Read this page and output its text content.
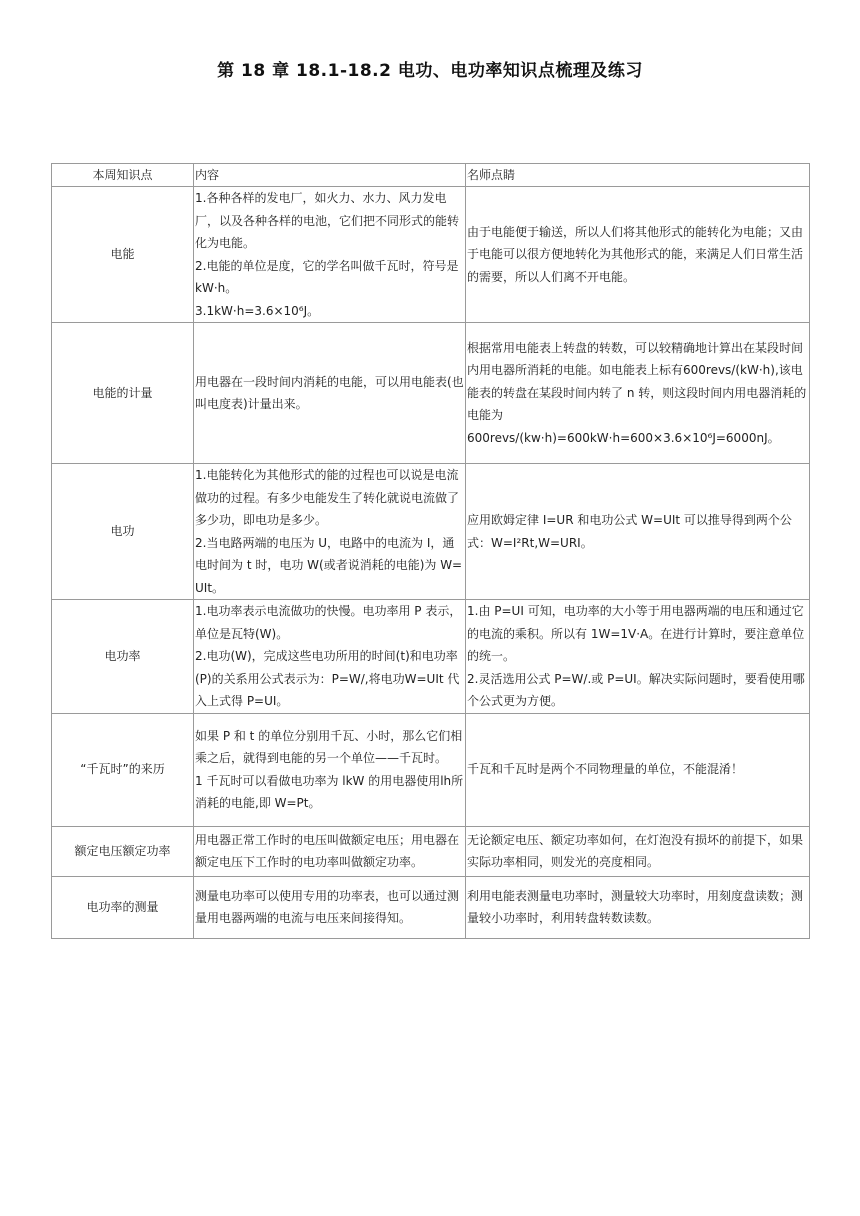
第 18 章 18.1-18.2 电功、电功率知识点梳理及练习
本周知识点	内容	名师点睛
电能	1.各种各样的发电厂，如火力、水力、风力发电厂，以及各种各样的电池，它们把不同形式的能转化为电能。
2.电能的单位是度，它的学名叫做千瓦时，符号是 kW·h。
3.1kW·h=3.6×10⁶J。	由于电能便于输送，所以人们将其他形式的能转化为电能；又由于电能可以很方便地转化为其他形式的能，来满足人们日常生活的需要，所以人们离不开电能。

电能的计量	用电器在一段时间内消耗的电能，可以用电能表(也叫电度表)计量出来。	根据常用电能表上转盘的转数，可以较精确地计算出在某段时间内用电器所消耗的电能。如电能表上标有600revs/(kW·h),该电能表的转盘在某段时间内转了 n 转，则这段时间内用电器消耗的电能为
600revs/(kw·h)=600kW·h=600×3.6×10⁶J=6000nJ。

电功	1.电能转化为其他形式的能的过程也可以说是电流做功的过程。有多少电能发生了转化就说电流做了多少功，即电功是多少。
2.当电路两端的电压为 U，电路中的电流为 I，通电时间为 t 时，电功 W(或者说消耗的电能)为 W=UIt。	应用欧姆定律 I=UR 和电功公式 W=UIt 可以推导得到两个公式：W=I²Rt,W=URI。

电功率	1.电功率表示电流做功的快慢。电功率用 P 表示，单位是瓦特(W)。
2.电功(W)，完成这些电功所用的时间(t)和电功率(P)的关系用公式表示为：P=W/,将电功W=UIt 代入上式得 P=UI。	1.由 P=UI 可知，电功率的大小等于用电器两端的电压和通过它的电流的乘积。所以有 1W=1V·A。在进行计算时，要注意单位的统一。
2.灵活选用公式 P=W/.或 P=UI。解决实际问题时，要看使用哪个公式更为方便。

“千瓦时”的来历	如果 P 和 t 的单位分别用千瓦、小时，那么它们相乘之后，就得到电能的另一个单位——千瓦时。
1 千瓦时可以看做电功率为 lkW 的用电器使用lh所消耗的电能,即 W=Pt。	千瓦和千瓦时是两个不同物理量的单位，不能混淆！

额定电压额定功率	用电器正常工作时的电压叫做额定电压；用电器在额定电压下工作时的电功率叫做额定功率。	无论额定电压、额定功率如何，在灯泡没有损坏的前提下，如果实际功率相同，则发光的亮度相同。

电功率的测量	测量电功率可以使用专用的功率表，也可以通过测量用电器两端的电流与电压来间接得知。	利用电能表测量电功率时，测量较大功率时，用刻度盘读数；测量较小功率时，利用转盘转数读数。
